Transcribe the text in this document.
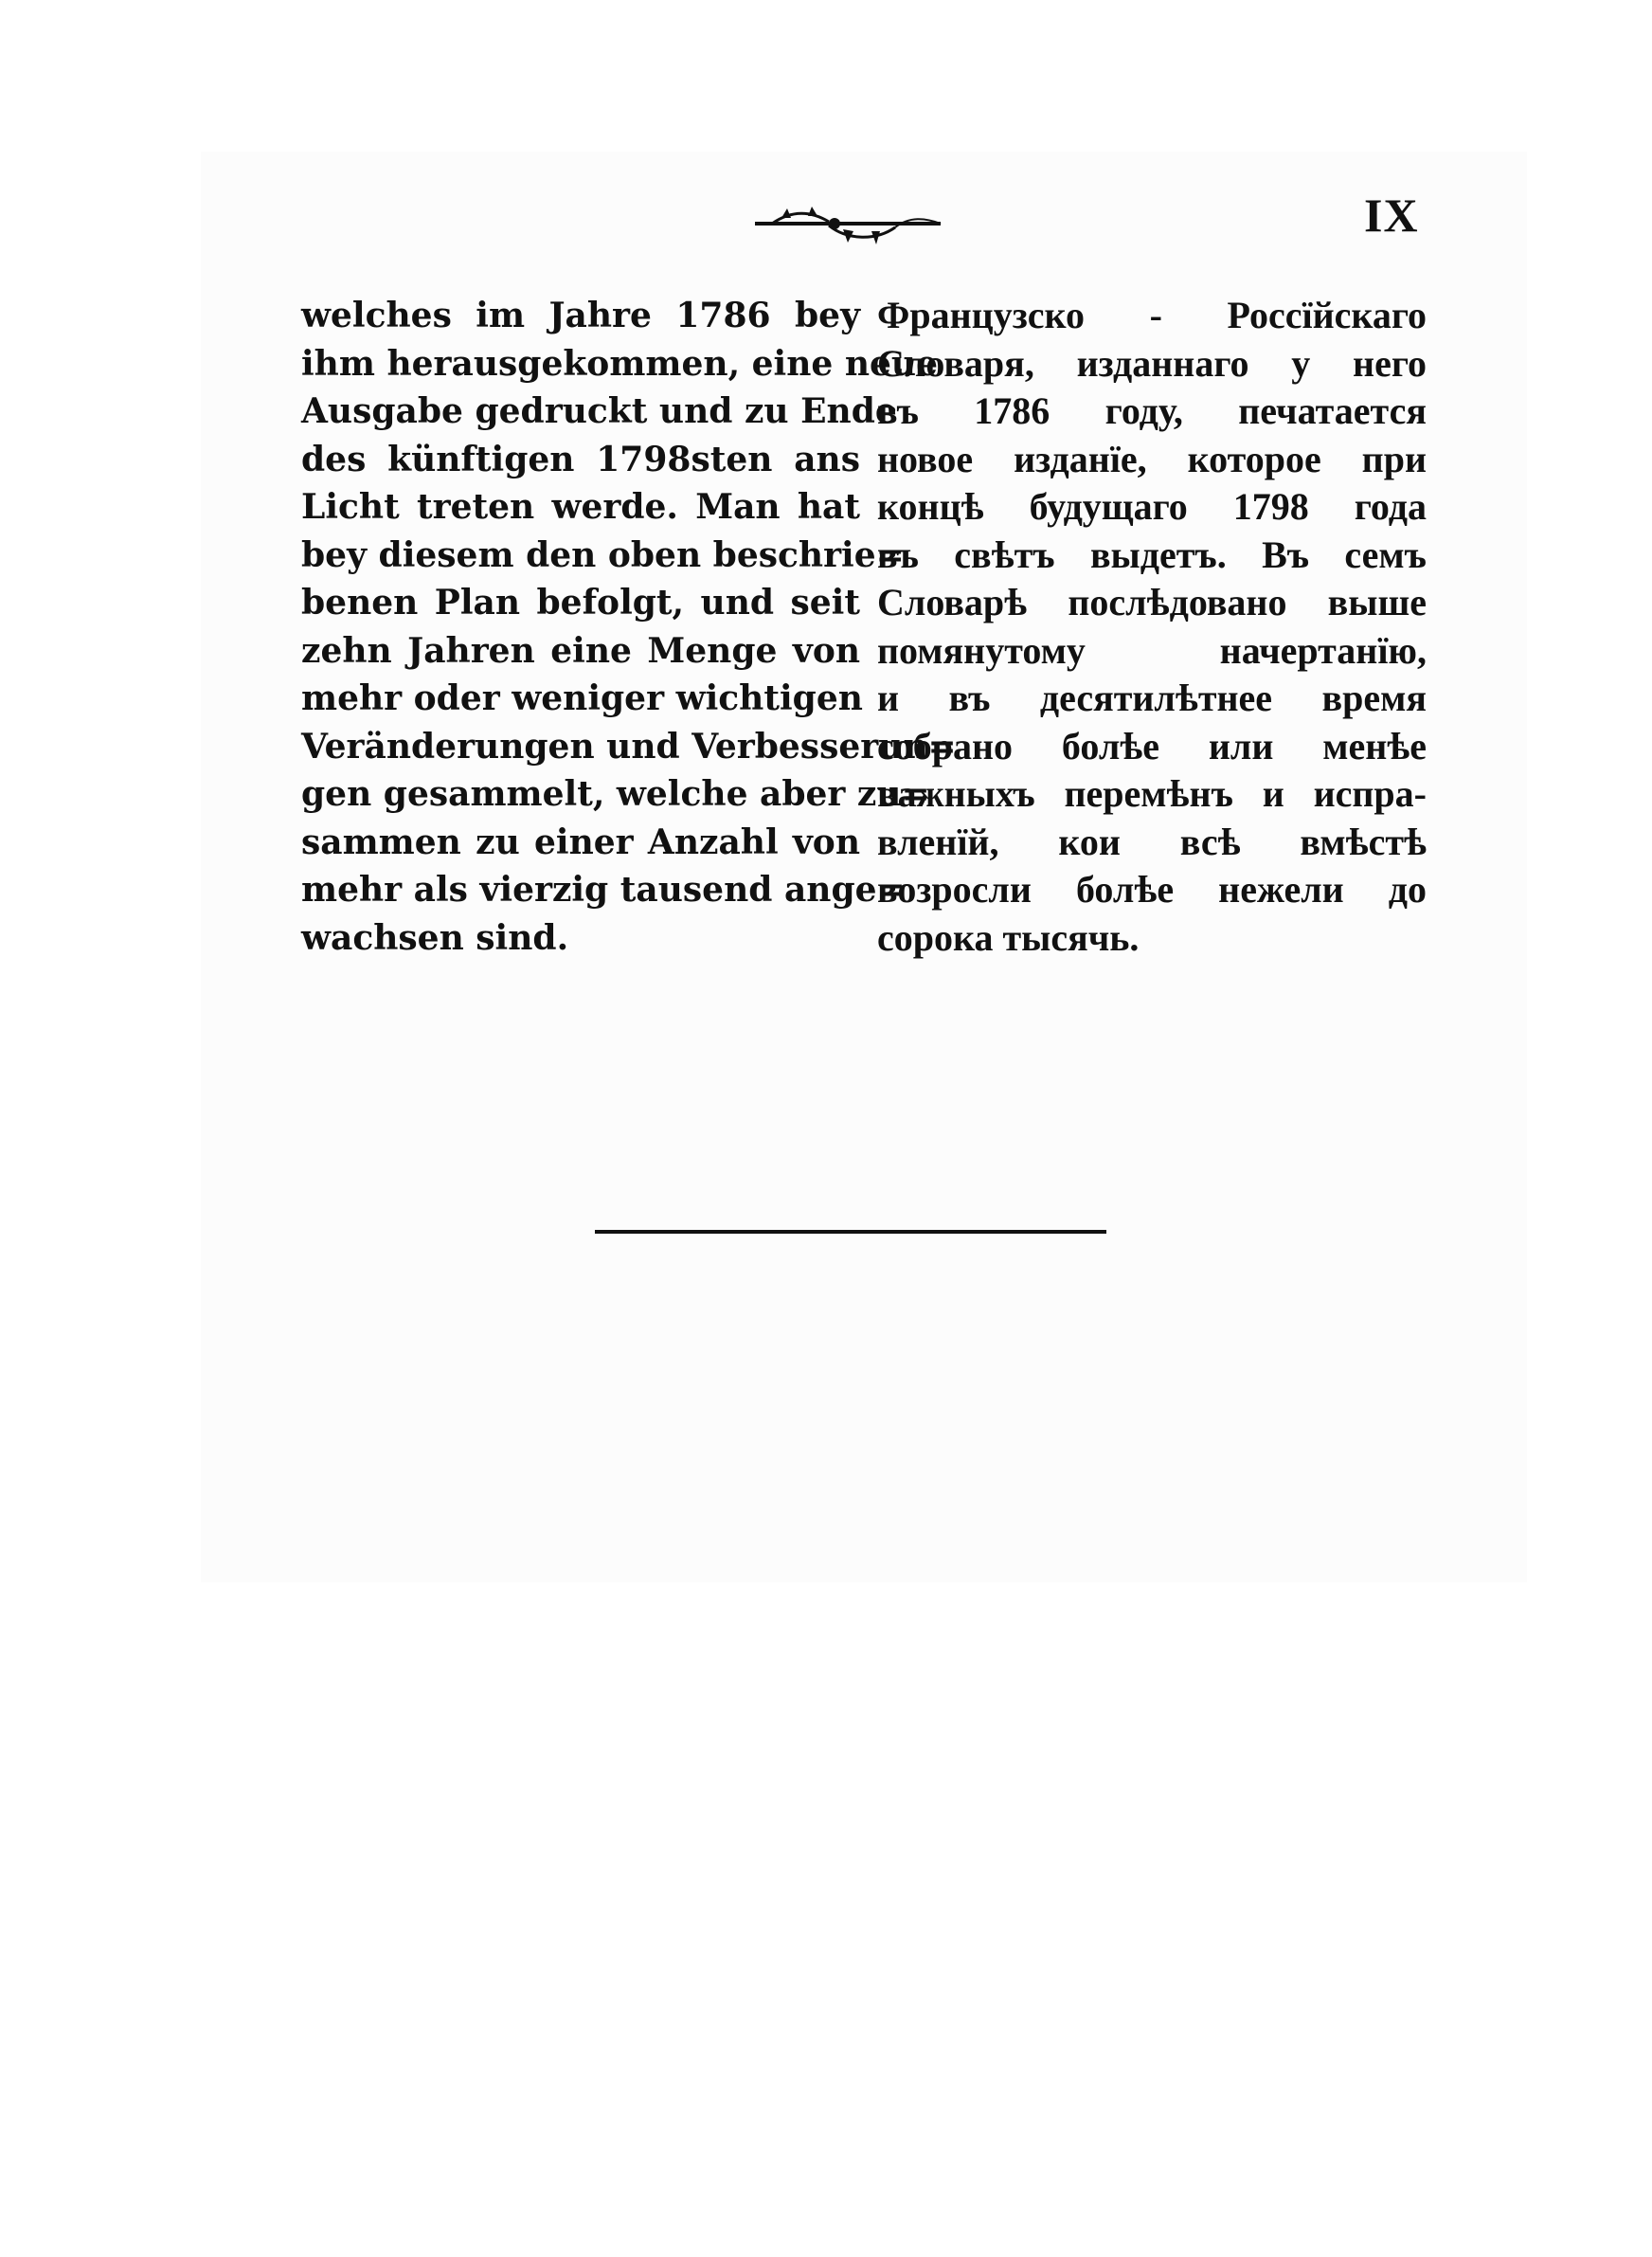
IX
welches im Jahre 1786 bey
ihm herausgekommen, eine neue
Ausgabe gedruckt und zu Ende
des künftigen 1798sten ans
Licht treten werde. Man hat
bey diesem den oben beschrie=
benen Plan befolgt, und seit
zehn Jahren eine Menge von
mehr oder weniger wichtigen
Veränderungen und Verbesserun=
gen gesammelt, welche aber zu=
sammen zu einer Anzahl von
mehr als vierzig tausend ange=
wachsen sind.
Французско - Россїйскаго
Словаря, изданнаго у него
въ 1786 году, печатается
новое изданїе, которое при
концѣ будущаго 1798 года
въ свѣтъ выдетъ. Въ семъ
Словарѣ послѣдовано выше
помянутому начертанїю,
и въ десятилѣтнее время
собрано болѣе или менѣе
важныхъ перемѣнъ и испра-
вленїй, кои всѣ вмѣстѣ
возросли болѣе нежели до
сорока тысячь.
